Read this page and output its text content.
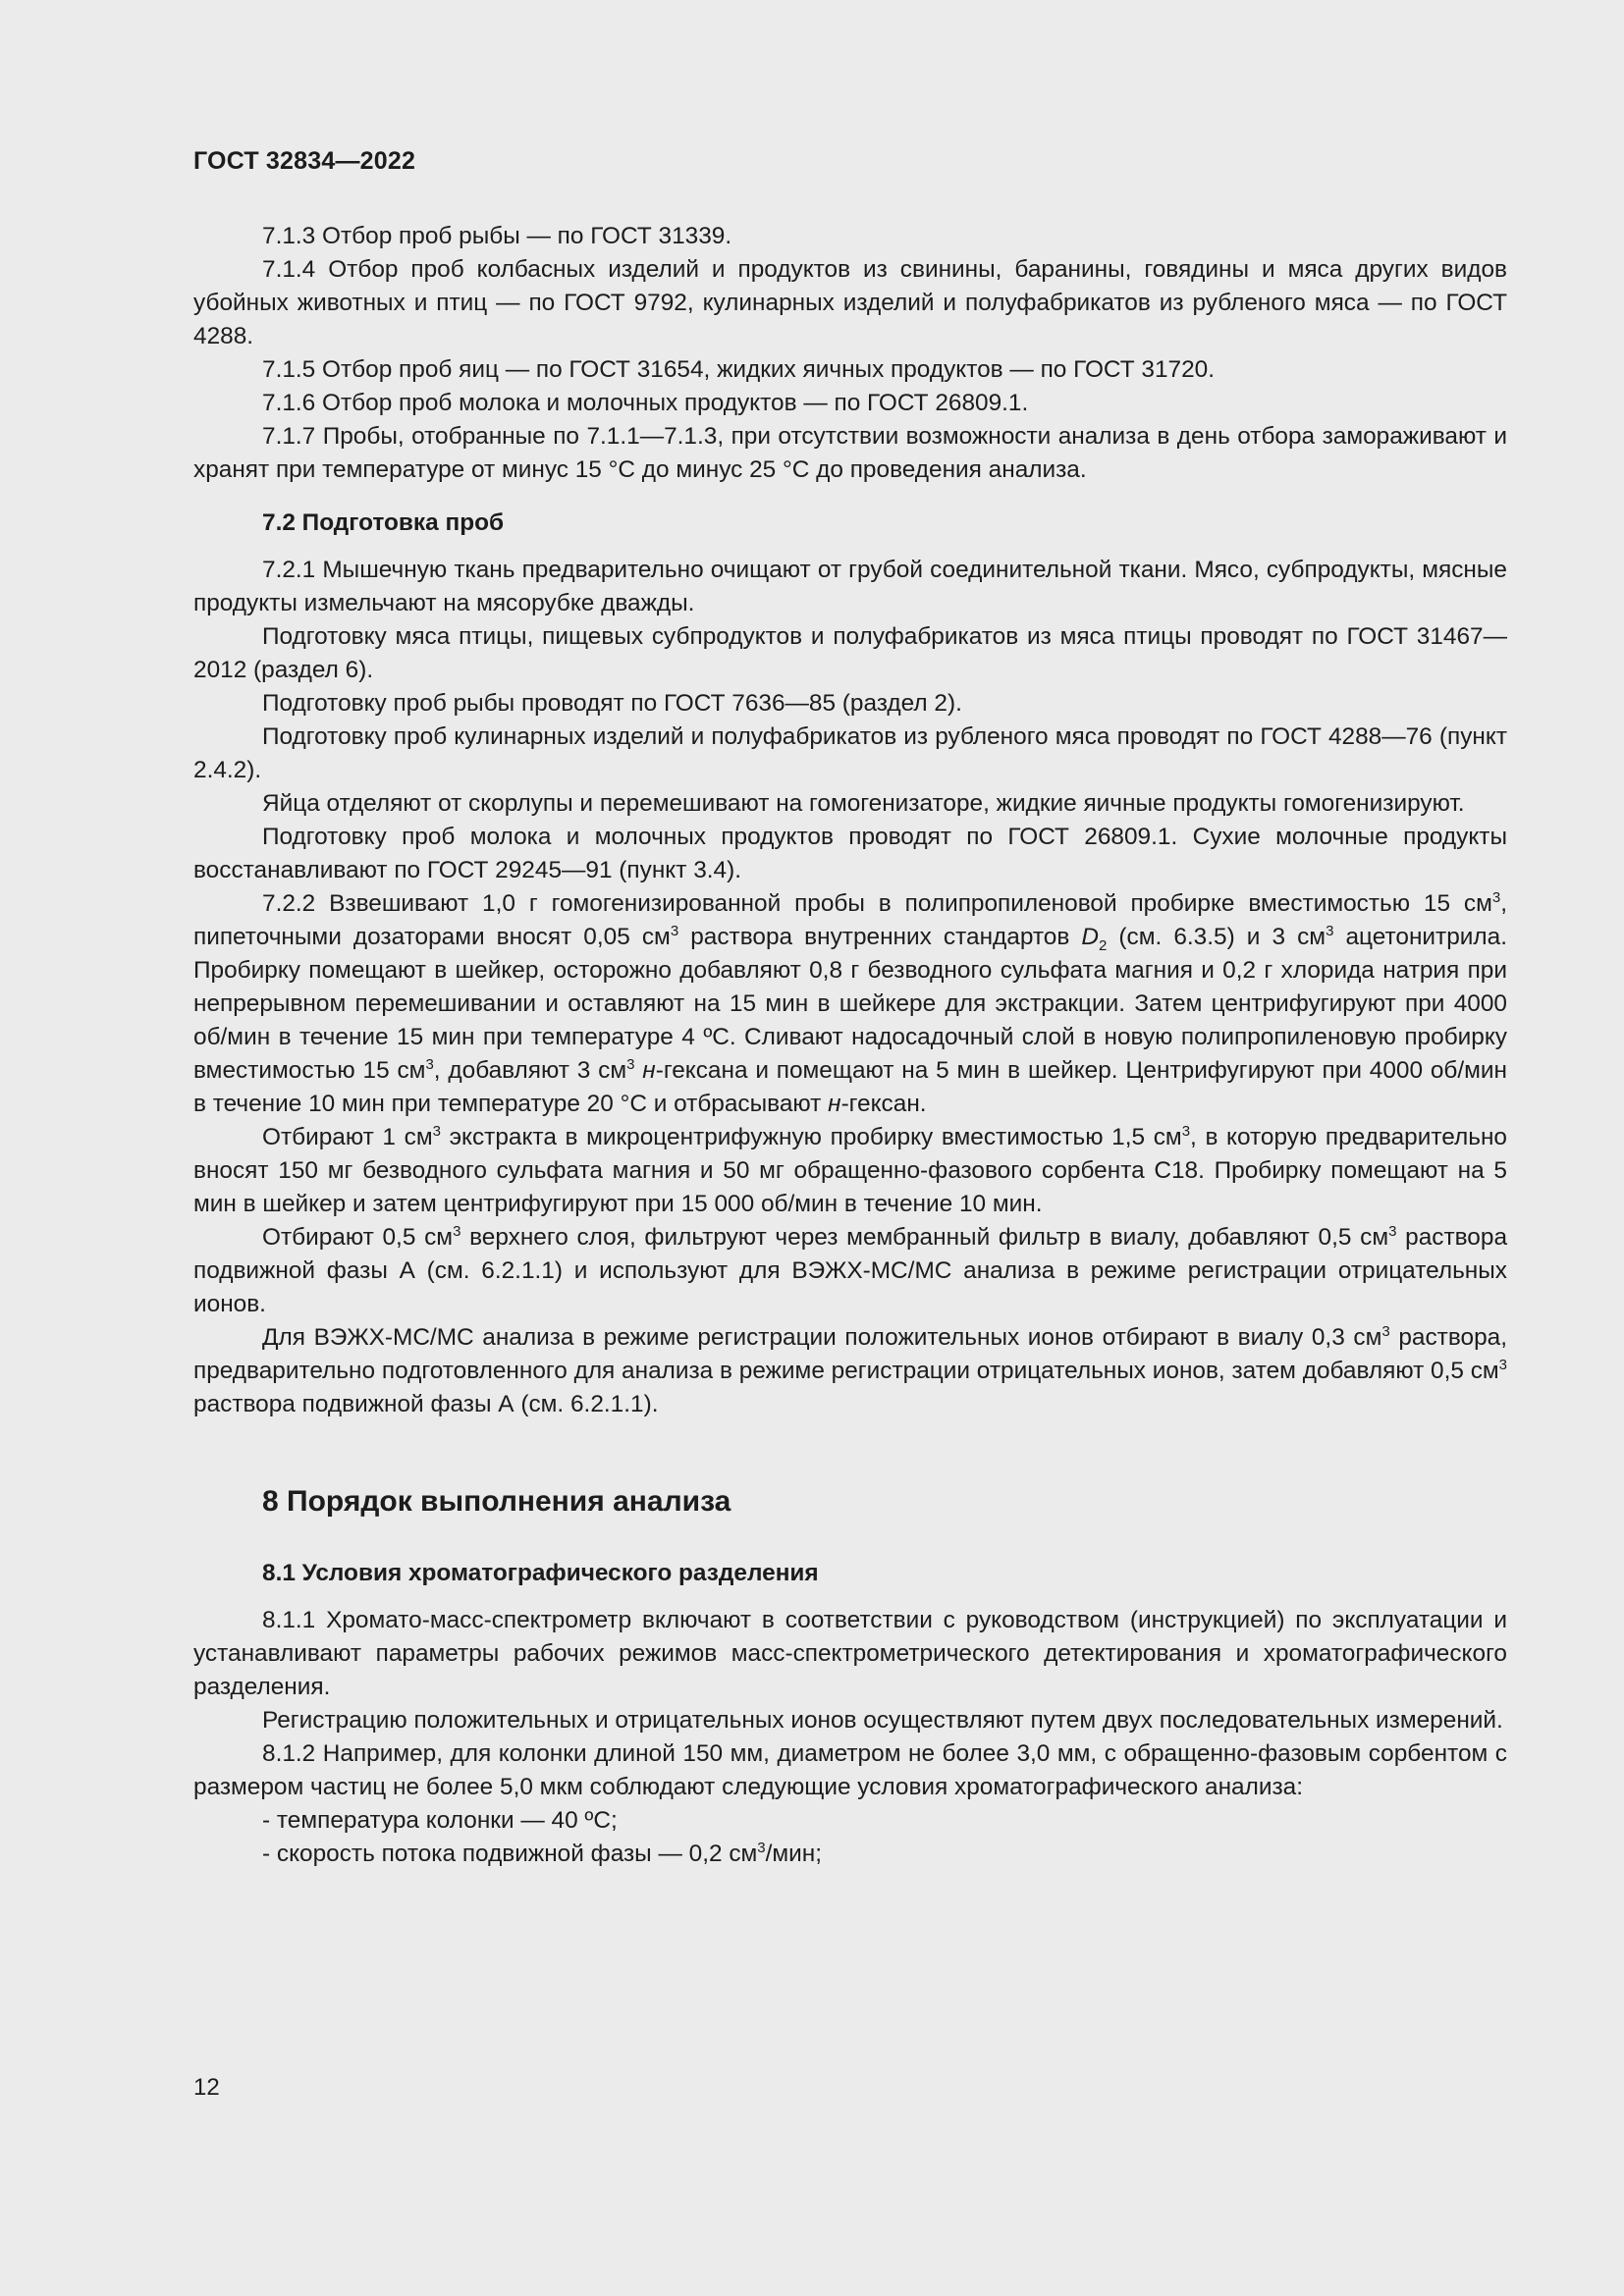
ГОСТ 32834—2022

7.1.3 Отбор проб рыбы — по ГОСТ 31339.

7.1.4 Отбор проб колбасных изделий и продуктов из свинины, баранины, говядины и мяса других видов убойных животных и птиц — по ГОСТ 9792, кулинарных изделий и полуфабрикатов из рубленого мяса — по ГОСТ 4288.

7.1.5 Отбор проб яиц — по ГОСТ 31654, жидких яичных продуктов — по ГОСТ 31720.

7.1.6 Отбор проб молока и молочных продуктов — по ГОСТ 26809.1.

7.1.7 Пробы, отобранные по 7.1.1—7.1.3, при отсутствии возможности анализа в день отбора замораживают и хранят при температуре от минус 15 °С до минус 25 °С до проведения анализа.

7.2 Подготовка проб

7.2.1 Мышечную ткань предварительно очищают от грубой соединительной ткани. Мясо, субпродукты, мясные продукты измельчают на мясорубке дважды.

Подготовку мяса птицы, пищевых субпродуктов и полуфабрикатов из мяса птицы проводят по ГОСТ 31467—2012 (раздел 6).

Подготовку проб рыбы проводят по ГОСТ 7636—85 (раздел 2).

Подготовку проб кулинарных изделий и полуфабрикатов из рубленого мяса проводят по ГОСТ 4288—76 (пункт 2.4.2).

Яйца отделяют от скорлупы и перемешивают на гомогенизаторе, жидкие яичные продукты гомогенизируют.

Подготовку проб молока и молочных продуктов проводят по ГОСТ 26809.1. Сухие молочные продукты восстанавливают по ГОСТ 29245—91 (пункт 3.4).

7.2.2 Взвешивают 1,0 г гомогенизированной пробы в полипропиленовой пробирке вместимостью 15 $см^3$, пипеточными дозаторами вносят 0,05 $см^3$ раствора внутренних стандартов $D_2$ (см. 6.3.5) и 3 $см^3$ ацетонитрила. Пробирку помещают в шейкер, осторожно добавляют 0,8 г безводного сульфата магния и 0,2 г хлорида натрия при непрерывном перемешивании и оставляют на 15 мин в шейкере для экстракции. Затем центрифугируют при 4000 об/мин в течение 15 мин при температуре 4 ºС. Сливают надосадочный слой в новую полипропиленовую пробирку вместимостью 15 $см^3$, добавляют 3 $см^3$ н-гексана и помещают на 5 мин в шейкер. Центрифугируют при 4000 об/мин в течение 10 мин при температуре 20 °С и отбрасывают н-гексан.

Отбирают 1 $см^3$ экстракта в микроцентрифужную пробирку вместимостью 1,5 $см^3$, в которую предварительно вносят 150 мг безводного сульфата магния и 50 мг обращенно-фазового сорбента С18. Пробирку помещают на 5 мин в шейкер и затем центрифугируют при 15 000 об/мин в течение 10 мин.

Отбирают 0,5 $см^3$ верхнего слоя, фильтруют через мембранный фильтр в виалу, добавляют 0,5 $см^3$ раствора подвижной фазы А (см. 6.2.1.1) и используют для ВЭЖХ-МС/МС анализа в режиме регистрации отрицательных ионов.

Для ВЭЖХ-МС/МС анализа в режиме регистрации положительных ионов отбирают в виалу 0,3 $см^3$ раствора, предварительно подготовленного для анализа в режиме регистрации отрицательных ионов, затем добавляют 0,5 $см^3$ раствора подвижной фазы А (см. 6.2.1.1).

8 Порядок выполнения анализа
8.1 Условия хроматографического разделения

8.1.1 Хромато-масс-спектрометр включают в соответствии с руководством (инструкцией) по эксплуатации и устанавливают параметры рабочих режимов масс-спектрометрического детектирования и хроматографического разделения.

Регистрацию положительных и отрицательных ионов осуществляют путем двух последовательных измерений.

8.1.2 Например, для колонки длиной 150 мм, диаметром не более 3,0 мм, с обращенно-фазовым сорбентом с размером частиц не более 5,0 мкм соблюдают следующие условия хроматографического анализа:

- температура колонки — 40 ºС;

- скорость потока подвижной фазы — 0,2 $см^3$/мин;

12
